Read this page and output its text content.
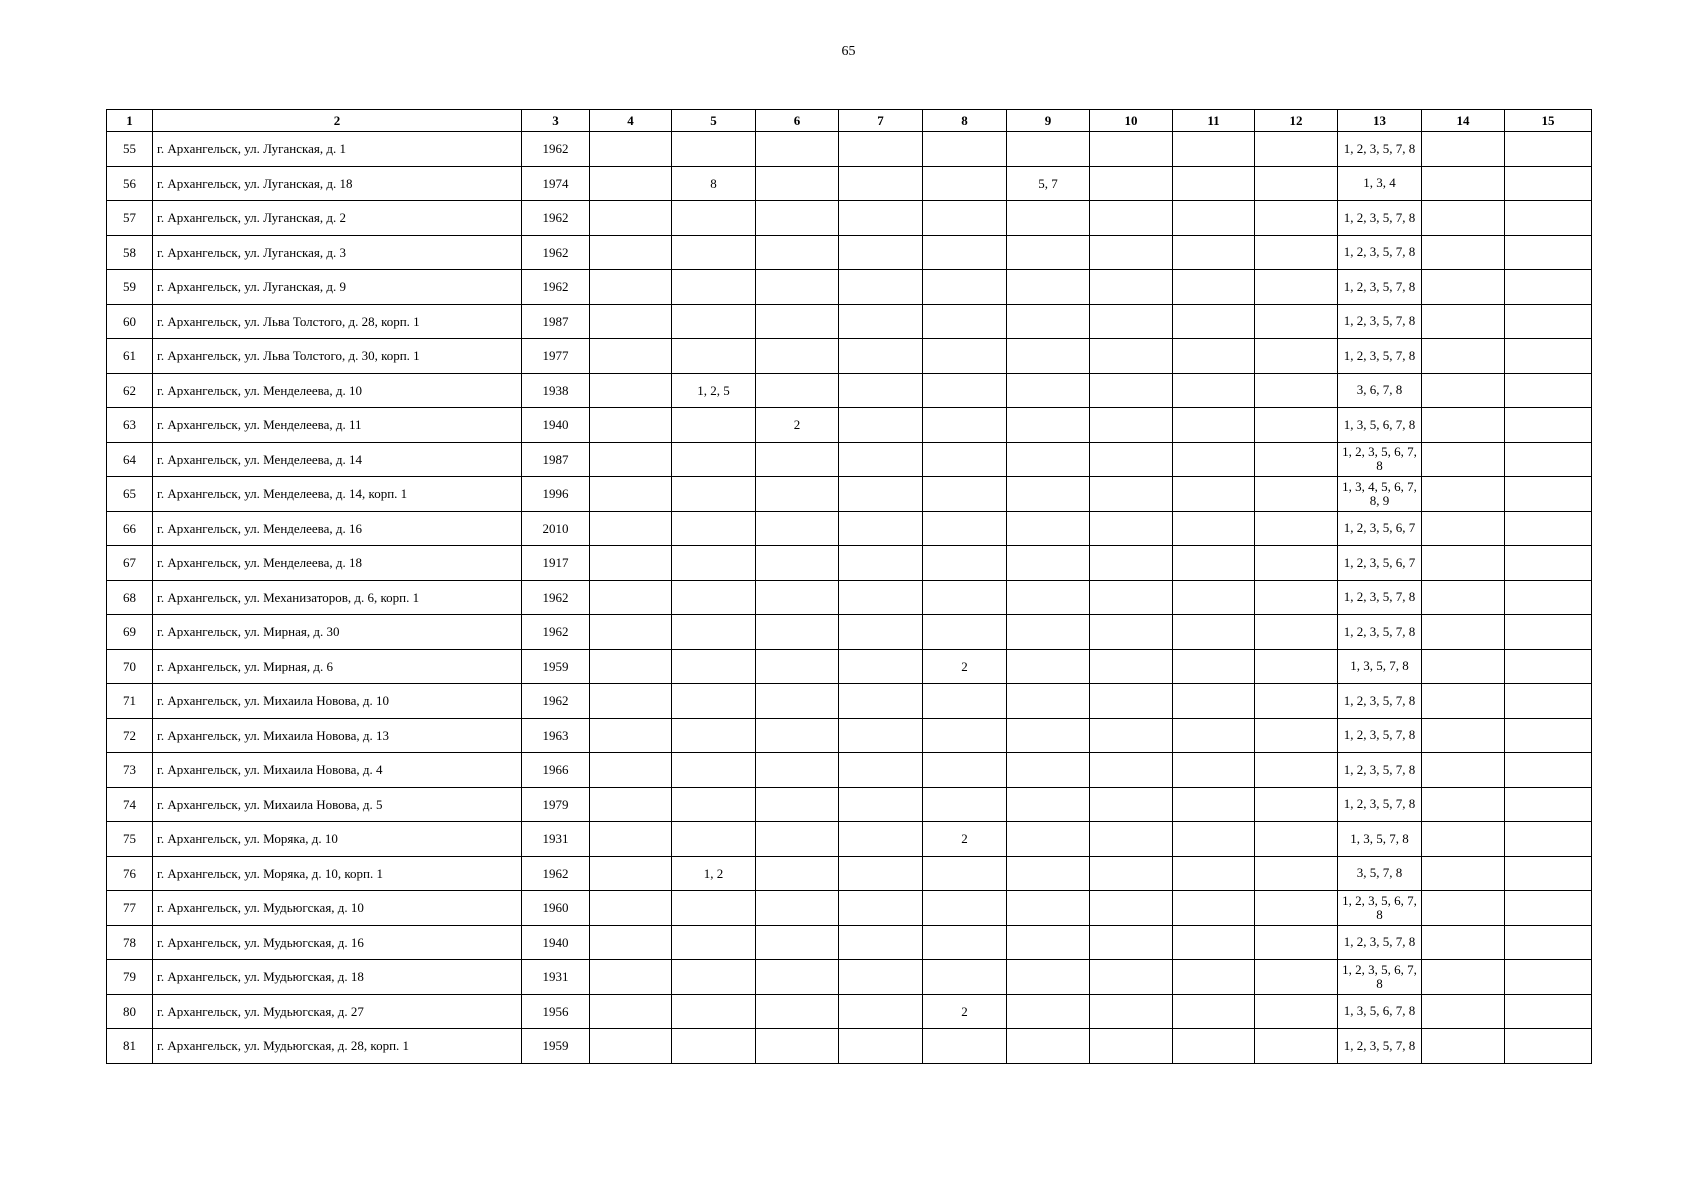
65
1	2	3	4	5	6	7	8	9	10	11	12	13	14	15
55	г. Архангельск, ул. Луганская, д. 1	1962										1, 2, 3, 5, 7, 8		
56	г. Архангельск, ул. Луганская, д. 18	1974		8				5, 7				1, 3, 4		
57	г. Архангельск, ул. Луганская, д. 2	1962										1, 2, 3, 5, 7, 8		
58	г. Архангельск, ул. Луганская, д. 3	1962										1, 2, 3, 5, 7, 8		
59	г. Архангельск, ул. Луганская, д. 9	1962										1, 2, 3, 5, 7, 8		
60	г. Архангельск, ул. Льва Толстого, д. 28, корп. 1	1987										1, 2, 3, 5, 7, 8		
61	г. Архангельск, ул. Льва Толстого, д. 30, корп. 1	1977										1, 2, 3, 5, 7, 8		
62	г. Архангельск, ул. Менделеева, д. 10	1938		1, 2, 5								3, 6, 7, 8		
63	г. Архангельск, ул. Менделеева, д. 11	1940			2							1, 3, 5, 6, 7, 8		
64	г. Архангельск, ул. Менделеева, д. 14	1987										1, 2, 3, 5, 6, 7, 8		
65	г. Архангельск, ул. Менделеева, д. 14, корп. 1	1996										1, 3, 4, 5, 6, 7, 8, 9		
66	г. Архангельск, ул. Менделеева, д. 16	2010										1, 2, 3, 5, 6, 7		
67	г. Архангельск, ул. Менделеева, д. 18	1917										1, 2, 3, 5, 6, 7		
68	г. Архангельск, ул. Механизаторов, д. 6, корп. 1	1962										1, 2, 3, 5, 7, 8		
69	г. Архангельск, ул. Мирная, д. 30	1962										1, 2, 3, 5, 7, 8		
70	г. Архангельск, ул. Мирная, д. 6	1959					2					1, 3, 5, 7, 8		
71	г. Архангельск, ул. Михаила Новова, д. 10	1962										1, 2, 3, 5, 7, 8		
72	г. Архангельск, ул. Михаила Новова, д. 13	1963										1, 2, 3, 5, 7, 8		
73	г. Архангельск, ул. Михаила Новова, д. 4	1966										1, 2, 3, 5, 7, 8		
74	г. Архангельск, ул. Михаила Новова, д. 5	1979										1, 2, 3, 5, 7, 8		
75	г. Архангельск, ул. Моряка, д. 10	1931					2					1, 3, 5, 7, 8		
76	г. Архангельск, ул. Моряка, д. 10, корп. 1	1962		1, 2								3, 5, 7, 8		
77	г. Архангельск, ул. Мудьюгская, д. 10	1960										1, 2, 3, 5, 6, 7, 8		
78	г. Архангельск, ул. Мудьюгская, д. 16	1940										1, 2, 3, 5, 7, 8		
79	г. Архангельск, ул. Мудьюгская, д. 18	1931										1, 2, 3, 5, 6, 7, 8		
80	г. Архангельск, ул. Мудьюгская, д. 27	1956					2					1, 3, 5, 6, 7, 8		
81	г. Архангельск, ул. Мудьюгская, д. 28, корп. 1	1959										1, 2, 3, 5, 7, 8		
